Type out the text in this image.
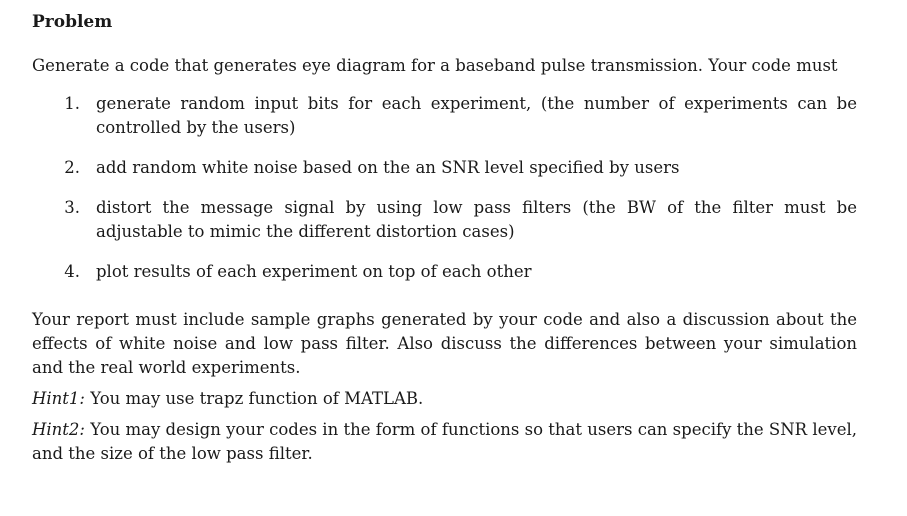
Problem

Generate a code that generates eye diagram for a baseband pulse transmission. Your code must

1. generate random input bits for each experiment, (the number of experiments can be controlled by the users)
2. add random white noise based on the an SNR level specified by users
3. distort the message signal by using low pass filters (the BW of the filter must be adjustable to mimic the different distortion cases)
4. plot results of each experiment on top of each other

Your report must include sample graphs generated by your code and also a discussion about the effects of white noise and low pass filter. Also discuss the differences between your simulation and the real world experiments.

Hint1: You may use trapz function of MATLAB.

Hint2: You may design your codes in the form of functions so that users can specify the SNR level, and the size of the low pass filter.
